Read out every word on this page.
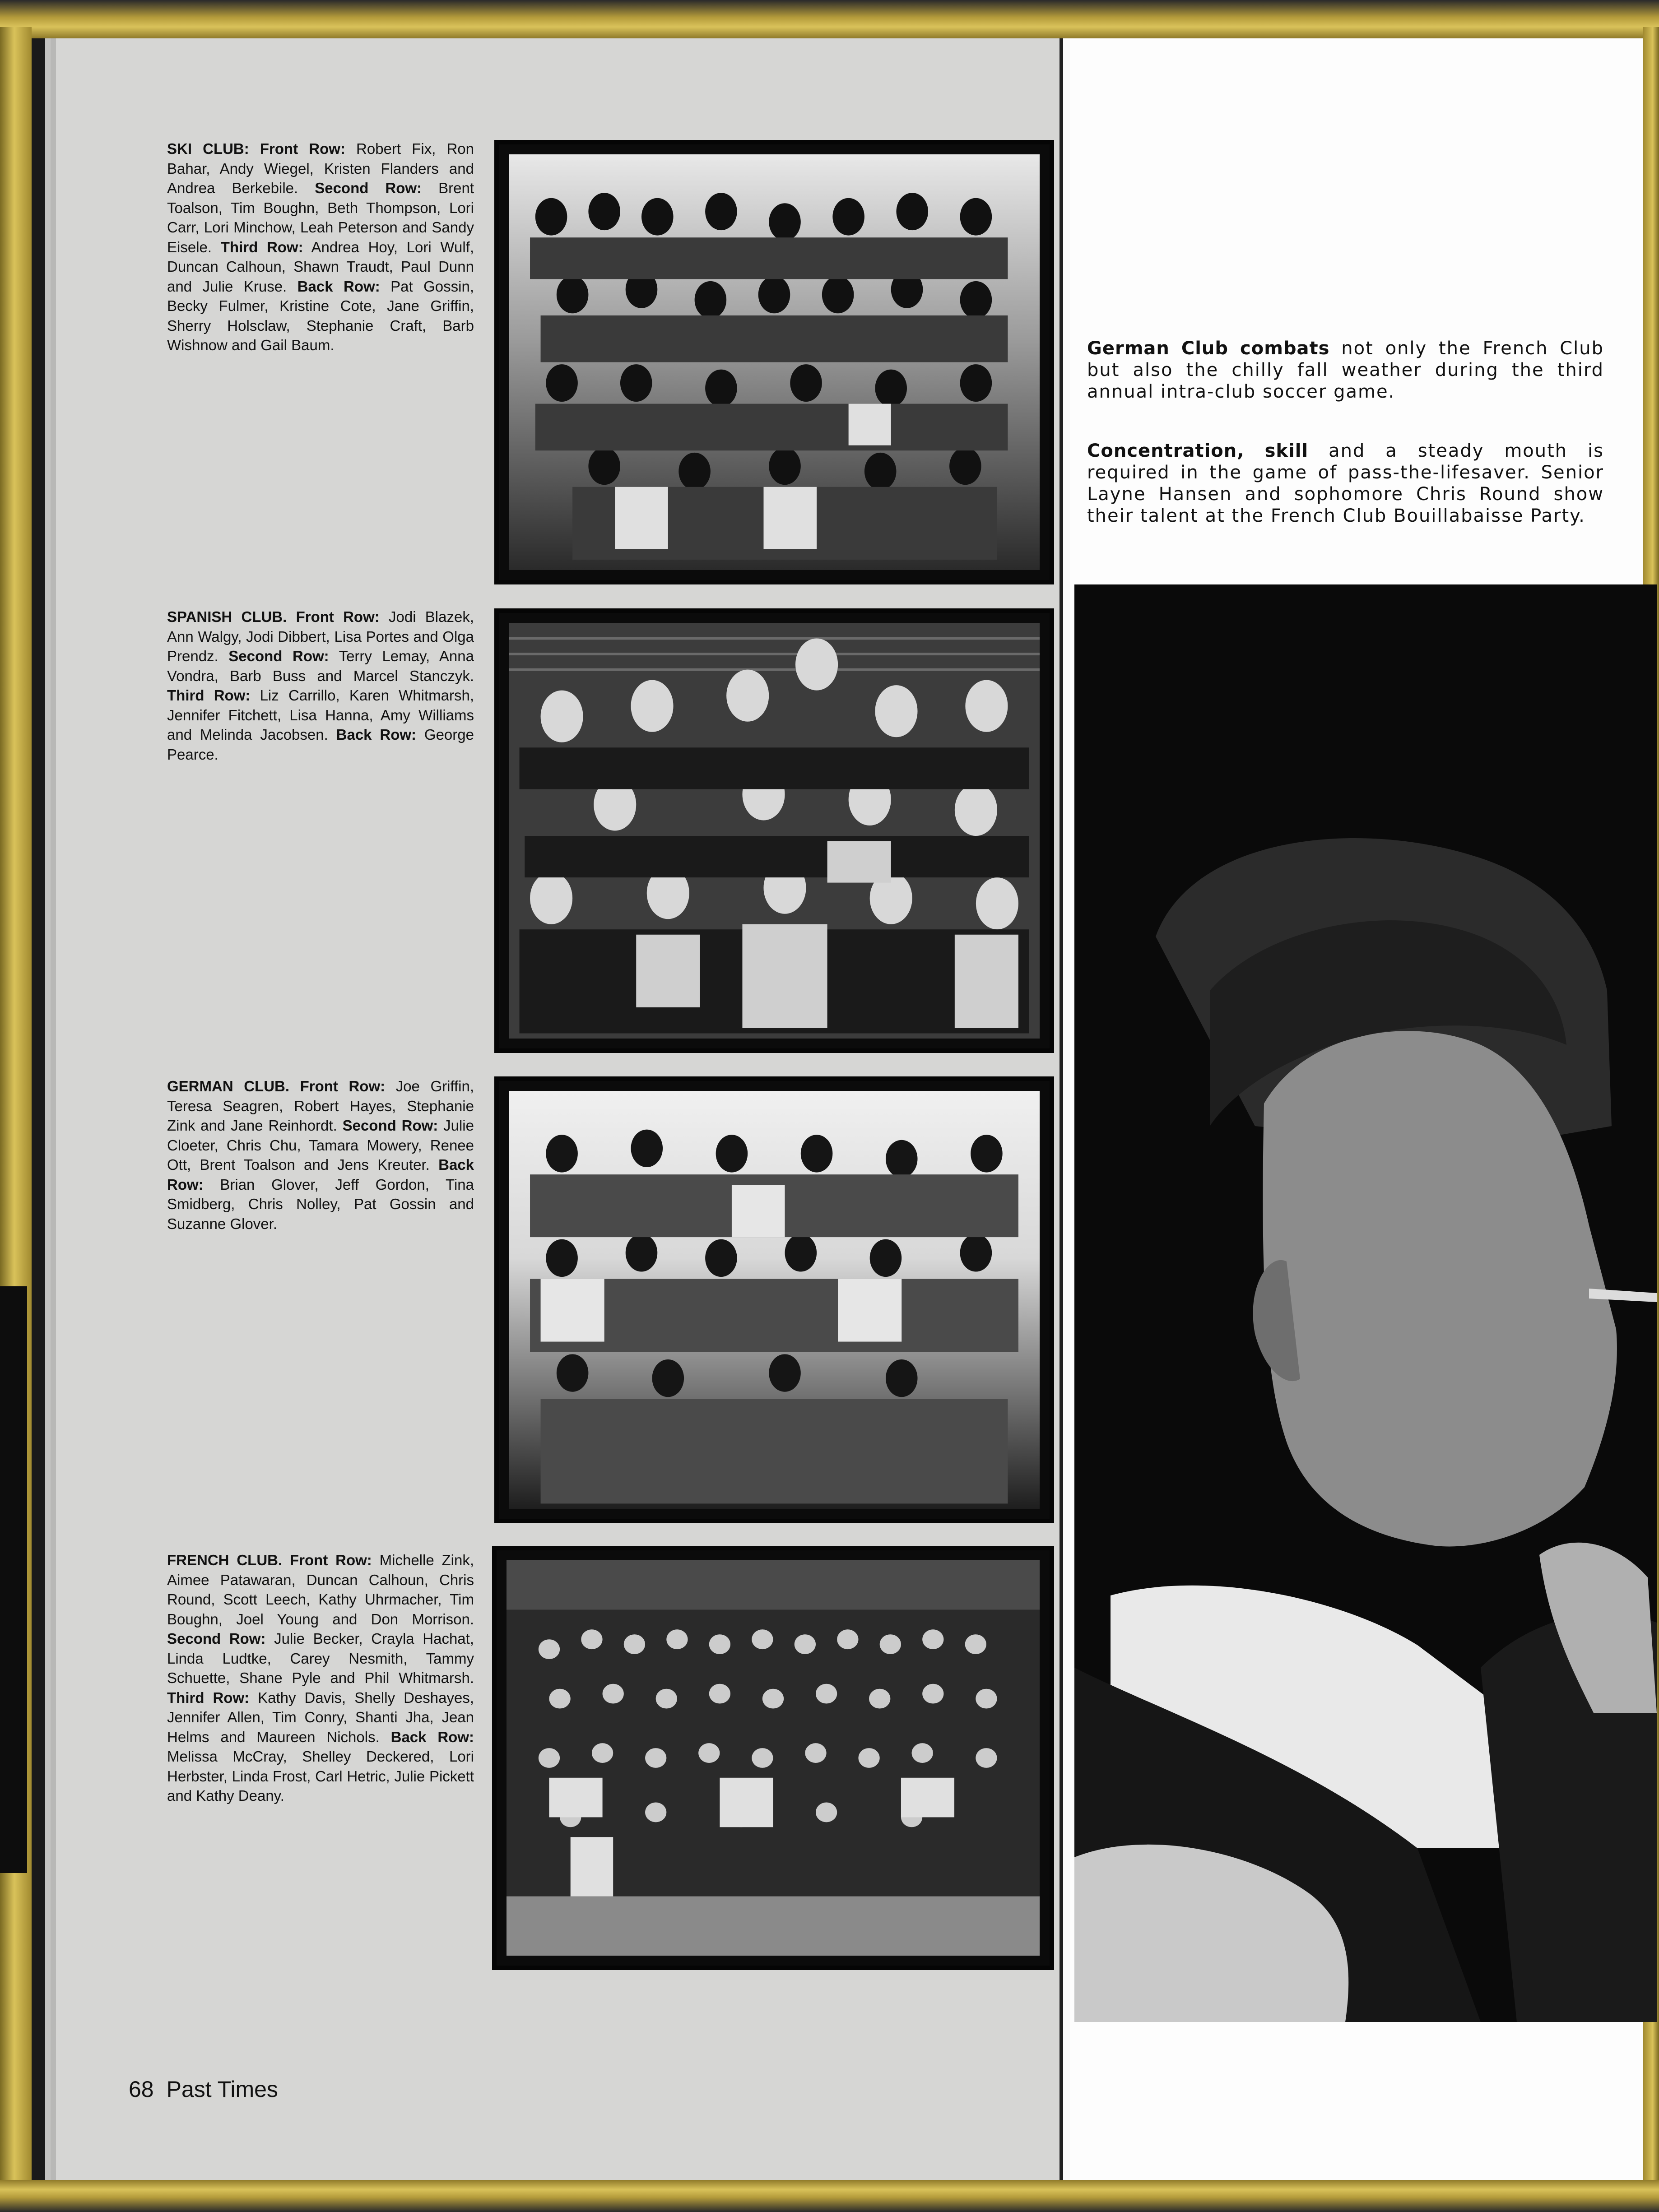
SKI CLUB: Front Row: Robert Fix, Ron Bahar, Andy Wiegel, Kristen Flanders and Andrea Berkebile. Second Row: Brent Toalson, Tim Boughn, Beth Thompson, Lori Carr, Lori Minchow, Leah Peterson and Sandy Eisele. Third Row: Andrea Hoy, Lori Wulf, Duncan Calhoun, Shawn Traudt, Paul Dunn and Julie Kruse. Back Row: Pat Gossin, Becky Fulmer, Kristine Cote, Jane Griffin, Sherry Holsclaw, Stephanie Craft, Barb Wishnow and Gail Baum.
SPANISH CLUB. Front Row: Jodi Blazek, Ann Walgy, Jodi Dibbert, Lisa Portes and Olga Prendz. Second Row: Terry Lemay, Anna Vondra, Barb Buss and Marcel Stanczyk. Third Row: Liz Carrillo, Karen Whitmarsh, Jennifer Fitchett, Lisa Hanna, Amy Williams and Melinda Jacobsen. Back Row: George Pearce.
GERMAN CLUB. Front Row: Joe Griffin, Teresa Seagren, Robert Hayes, Stephanie Zink and Jane Reinhordt. Second Row: Julie Cloeter, Chris Chu, Tamara Mowery, Renee Ott, Brent Toalson and Jens Kreuter. Back Row: Brian Glover, Jeff Gordon, Tina Smidberg, Chris Nolley, Pat Gossin and Suzanne Glover.
FRENCH CLUB. Front Row: Michelle Zink, Aimee Patawaran, Duncan Calhoun, Chris Round, Scott Leech, Kathy Uhrmacher, Tim Boughn, Joel Young and Don Morrison. Second Row: Julie Becker, Crayla Hachat, Linda Ludtke, Carey Nesmith, Tammy Schuette, Shane Pyle and Phil Whitmarsh. Third Row: Kathy Davis, Shelly Deshayes, Jennifer Allen, Tim Conry, Shanti Jha, Jean Helms and Maureen Nichols. Back Row: Melissa McCray, Shelley Deckered, Lori Herbster, Linda Frost, Carl Hetric, Julie Pickett and Kathy Deany.
68 Past Times
German Club combats not only the French Club but also the chilly fall weather during the third annual intra-club soccer game.
Concentration, skill and a steady mouth is required in the game of pass-the-lifesaver. Senior Layne Hansen and sophomore Chris Round show their talent at the French Club Bouillabaisse Party.
